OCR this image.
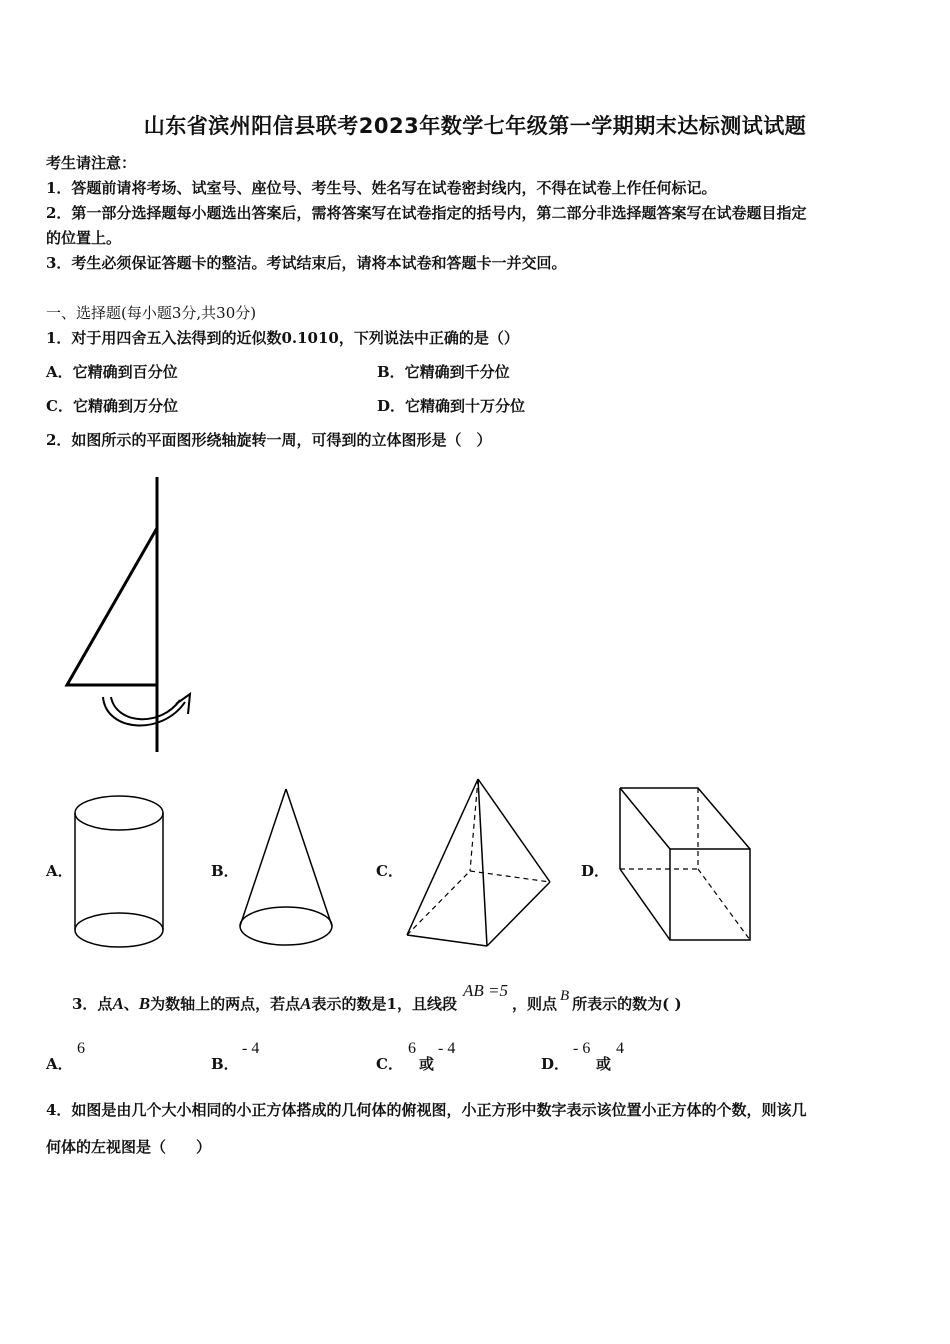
山东省滨州阳信县联考2023年数学七年级第一学期期末达标测试试题
考生请注意：
1．答题前请将考场、试室号、座位号、考生号、姓名写在试卷密封线内，不得在试卷上作任何标记。
2．第一部分选择题每小题选出答案后，需将答案写在试卷指定的括号内，第二部分非选择题答案写在试卷题目指定
的位置上。
3．考生必须保证答题卡的整洁。考试结束后，请将本试卷和答题卡一并交回。
一、选择题(每小题3分,共30分)
1．对于用四舍五入法得到的近似数0.1010，下列说法中正确的是（）
A．它精确到百分位	B．它精确到千分位
C．它精确到万分位	D．它精确到十万分位
2．如图所示的平面图形绕轴旋转一周，可得到的立体图形是（　）
A．	B．	C．	D．
3．点A、B为数轴上的两点，若点A表示的数是1，且线段AB =5，则点 B 所表示的数为( )
A．
6
B．
- 4
C．
6
或
- 4
D．
- 6
或
4
4．如图是由几个大小相同的小正方体搭成的几何体的俯视图，小正方形中数字表示该位置小正方体的个数，则该几
何体的左视图是（　　）
